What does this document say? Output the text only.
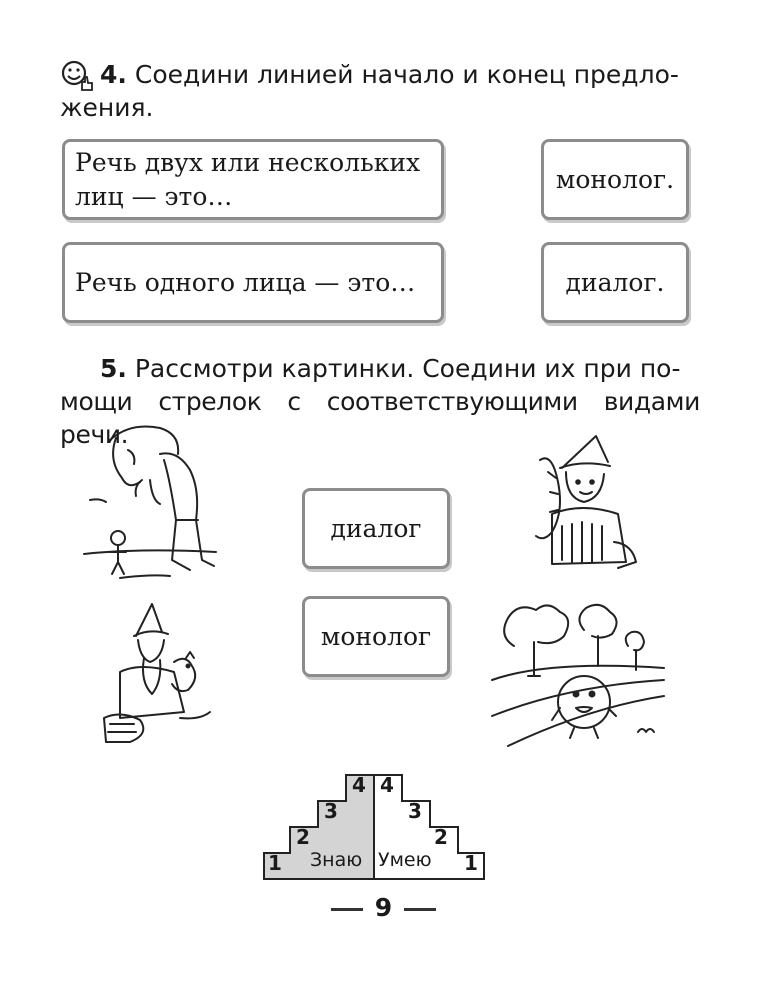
4. Соедини линией начало и конец предло-
жения.
Речь двух или нескольких
лиц — это…
Речь одного лица — это…
монолог.
диалог.
5. Рассмотри картинки. Соедини их при по-
мощи стрелок с соответствующими видами речи.
диалог
монолог
1
2
3
4 4
3
2
1
Знаю Умею
9
